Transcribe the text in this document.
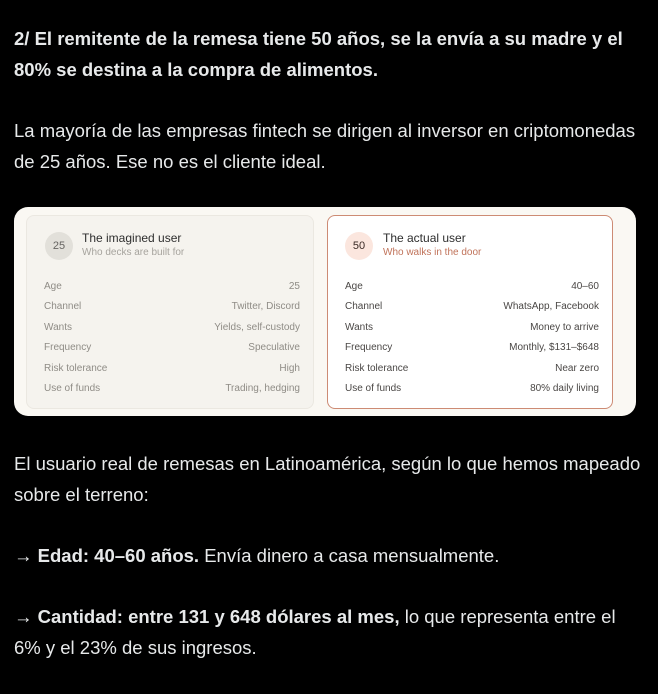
2/ El remitente de la remesa tiene 50 años, se la envía a su madre y el 80% se destina a la compra de alimentos.

La mayoría de las empresas fintech se dirigen al inversor en criptomonedas de 25 años. Ese no es el cliente ideal.

25
The imagined user
Who decks are built for
Age	25
Channel	Twitter, Discord
Wants	Yields, self-custody
Frequency	Speculative
Risk tolerance	High
Use of funds	Trading, hedging
50
The actual user
Who walks in the door
Age	40–60
Channel	WhatsApp, Facebook
Wants	Money to arrive
Frequency	Monthly, $131–$648
Risk tolerance	Near zero
Use of funds	80% daily living

El usuario real de remesas en Latinoamérica, según lo que hemos mapeado sobre el terreno:

→ Edad: 40–60 años. Envía dinero a casa mensualmente.

→ Cantidad: entre 131 y 648 dólares al mes, lo que representa entre el 6% y el 23% de sus ingresos.
